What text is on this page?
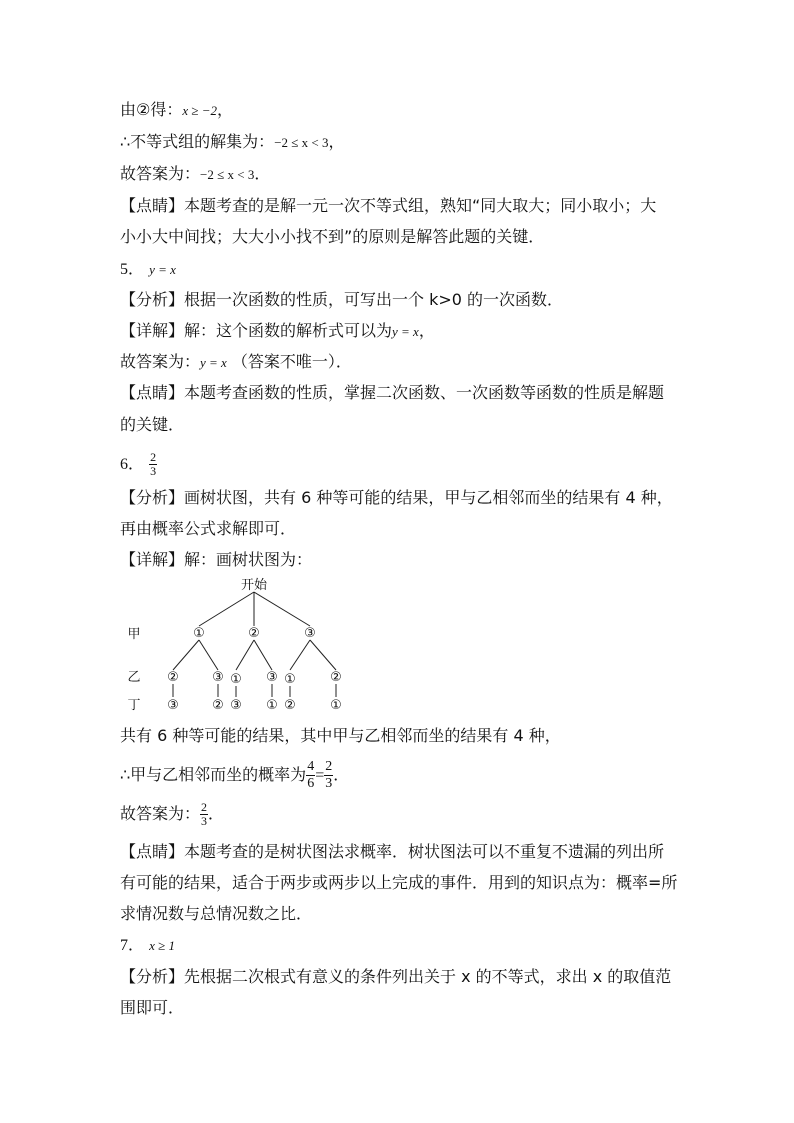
由②得：x ≥ −2，
∴不等式组的解集为：−2 ≤ x < 3，
故答案为：−2 ≤ x < 3．
【点睛】本题考查的是解一元一次不等式组，熟知“同大取大；同小取小；大
小小大中间找；大大小小找不到”的原则是解答此题的关键．
5． y = x
【分析】根据一次函数的性质，可写出一个 k>0 的一次函数．
【详解】解：这个函数的解析式可以为y = x，
故答案为：y = x （答案不唯一）．
【点睛】本题考查函数的性质，掌握二次函数、一次函数等函数的性质是解题
的关键．
6． $\frac{2}{3}$
【分析】画树状图，共有 6 种等可能的结果，甲与乙相邻而坐的结果有 4 种，
再由概率公式求解即可．
【详解】解：画树状图为：
开始
甲
乙
丁
①	②	③
②	③ ① ③ ①	②
③	② ③ ① ②	①
共有 6 种等可能的结果，其中甲与乙相邻而坐的结果有 4 种，
∴甲与乙相邻而坐的概率为 $\frac{4}{6} = \frac{2}{3}$ ．
故答案为： $\frac{2}{3}$ ．
【点睛】本题考查的是树状图法求概率．树状图法可以不重复不遗漏的列出所
有可能的结果，适合于两步或两步以上完成的事件．用到的知识点为：概率=所
求情况数与总情况数之比．
7． x ≥ 1
【分析】先根据二次根式有意义的条件列出关于 x 的不等式，求出 x 的取值范
围即可．
